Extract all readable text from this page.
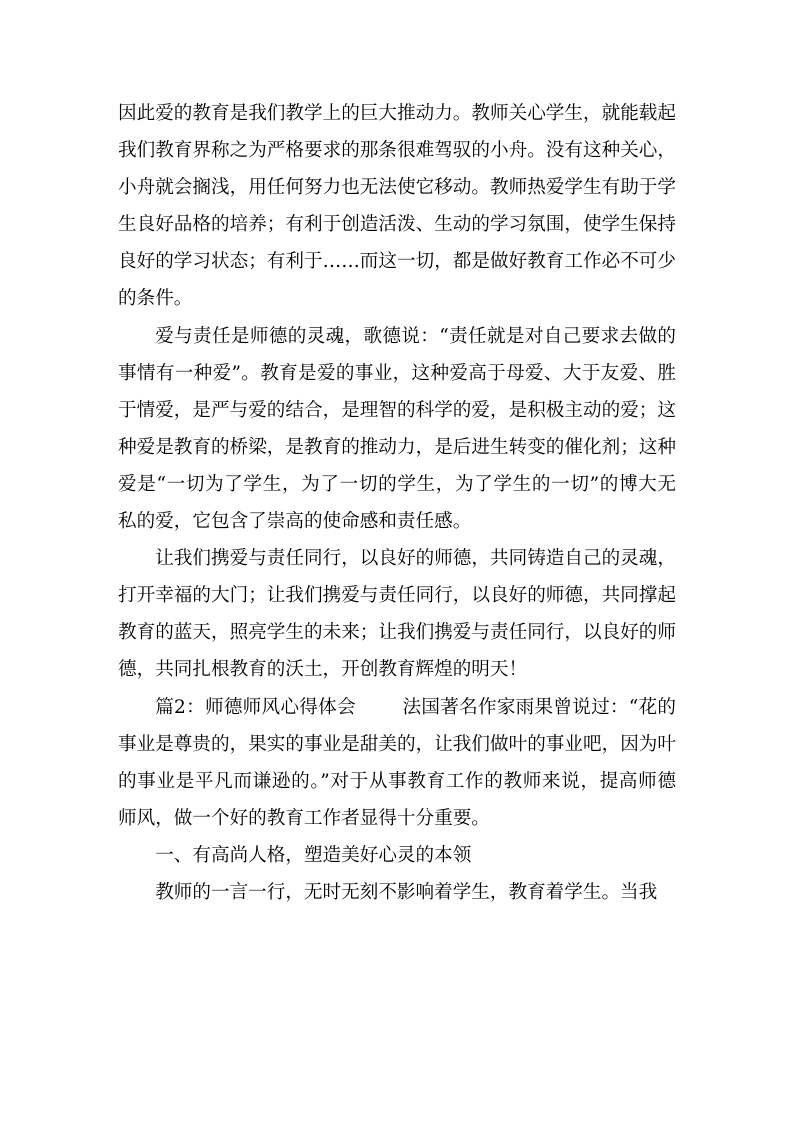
因此爱的教育是我们教学上的巨大推动力。教师关心学生，就能载起我们教育界称之为严格要求的那条很难驾驭的小舟。没有这种关心，小舟就会搁浅，用任何努力也无法使它移动。教师热爱学生有助于学生良好品格的培养；有利于创造活泼、生动的学习氛围，使学生保持良好的学习状态；有利于……而这一切，都是做好教育工作必不可少的条件。

爱与责任是师德的灵魂，歌德说：“责任就是对自己要求去做的事情有一种爱”。教育是爱的事业，这种爱高于母爱、大于友爱、胜于情爱，是严与爱的结合，是理智的科学的爱，是积极主动的爱；这种爱是教育的桥梁，是教育的推动力，是后进生转变的催化剂；这种爱是“一切为了学生，为了一切的学生，为了学生的一切”的博大无私的爱，它包含了崇高的使命感和责任感。

让我们携爱与责任同行，以良好的师德，共同铸造自己的灵魂，打开幸福的大门；让我们携爱与责任同行，以良好的师德，共同撑起教育的蓝天，照亮学生的未来；让我们携爱与责任同行，以良好的师德，共同扎根教育的沃土，开创教育辉煌的明天！

篇2：师德师风心得体会	法国著名作家雨果曾说过：“花的事业是尊贵的，果实的事业是甜美的，让我们做叶的事业吧，因为叶的事业是平凡而谦逊的。”对于从事教育工作的教师来说，提高师德师风，做一个好的教育工作者显得十分重要。

一、有高尚人格，塑造美好心灵的本领

教师的一言一行，无时无刻不影响着学生，教育着学生。当我
